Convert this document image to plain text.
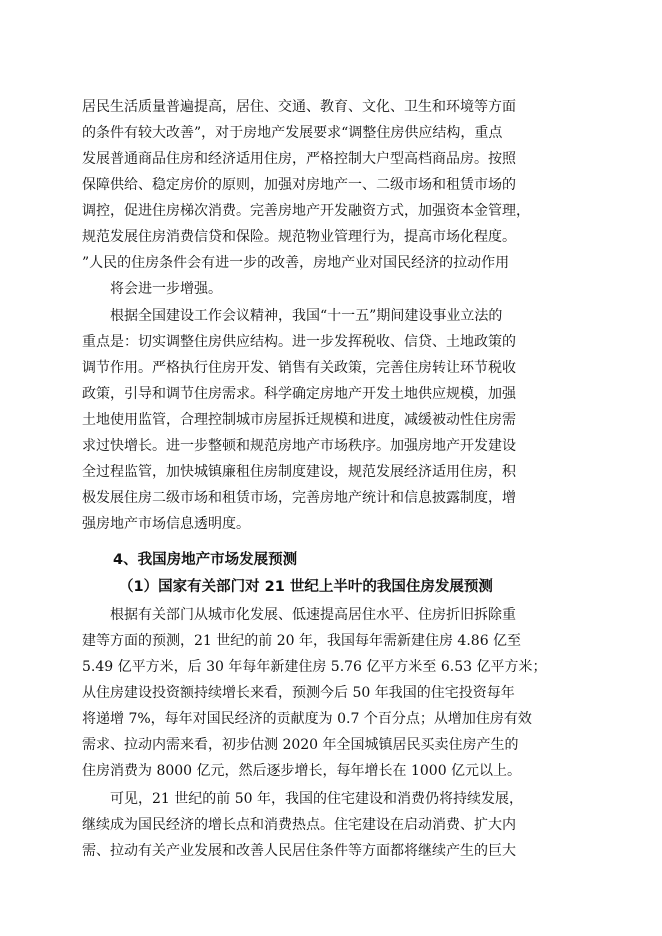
居民生活质量普遍提高，居住、交通、教育、文化、卫生和环境等方面
的条件有较大改善”，对于房地产发展要求“调整住房供应结构，重点
发展普通商品住房和经济适用住房，严格控制大户型高档商品房。按照
保障供给、稳定房价的原则，加强对房地产一、二级市场和租赁市场的
调控，促进住房梯次消费。完善房地产开发融资方式，加强资本金管理，
规范发展住房消费信贷和保险。规范物业管理行为，提高市场化程度。
”人民的住房条件会有进一步的改善，房地产业对国民经济的拉动作用
将会进一步增强。
根据全国建设工作会议精神，我国“十一五”期间建设事业立法的
重点是：切实调整住房供应结构。进一步发挥税收、信贷、土地政策的
调节作用。严格执行住房开发、销售有关政策，完善住房转让环节税收
政策，引导和调节住房需求。科学确定房地产开发土地供应规模，加强
土地使用监管，合理控制城市房屋拆迁规模和进度，减缓被动性住房需
求过快增长。进一步整顿和规范房地产市场秩序。加强房地产开发建设
全过程监管，加快城镇廉租住房制度建设，规范发展经济适用住房，积
极发展住房二级市场和租赁市场，完善房地产统计和信息披露制度，增
强房地产市场信息透明度。
4、我国房地产市场发展预测
（1）国家有关部门对 21 世纪上半叶的我国住房发展预测
根据有关部门从城市化发展、低速提高居住水平、住房折旧拆除重
建等方面的预测，21 世纪的前 20 年，我国每年需新建住房 4.86 亿至
5.49 亿平方米，后 30 年每年新建住房 5.76 亿平方米至 6.53 亿平方米；
从住房建设投资额持续增长来看，预测今后 50 年我国的住宅投资每年
将递增 7%，每年对国民经济的贡献度为 0.7 个百分点；从增加住房有效
需求、拉动内需来看，初步估测 2020 年全国城镇居民买卖住房产生的
住房消费为 8000 亿元，然后逐步增长，每年增长在 1000 亿元以上。
可见，21 世纪的前 50 年，我国的住宅建设和消费仍将持续发展，
继续成为国民经济的增长点和消费热点。住宅建设在启动消费、扩大内
需、拉动有关产业发展和改善人民居住条件等方面都将继续产生的巨大
